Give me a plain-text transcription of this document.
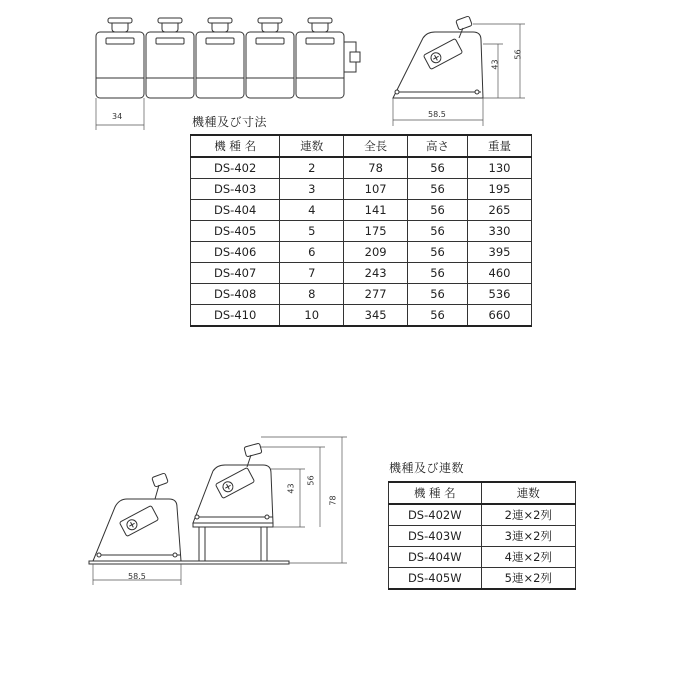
34
43
56
58.5
機種及び寸法
機 種 名	連数	全長	高さ	重量
DS-402	2	78	56	130
DS-403	3	107	56	195
DS-404	4	141	56	265
DS-405	5	175	56	330
DS-406	6	209	56	395
DS-407	7	243	56	460
DS-408	8	277	56	536
DS-410	10	345	56	660
58.5
43
56
78
機種及び連数
機 種 名	連数
DS-402W	2連×2列
DS-403W	3連×2列
DS-404W	4連×2列
DS-405W	5連×2列
